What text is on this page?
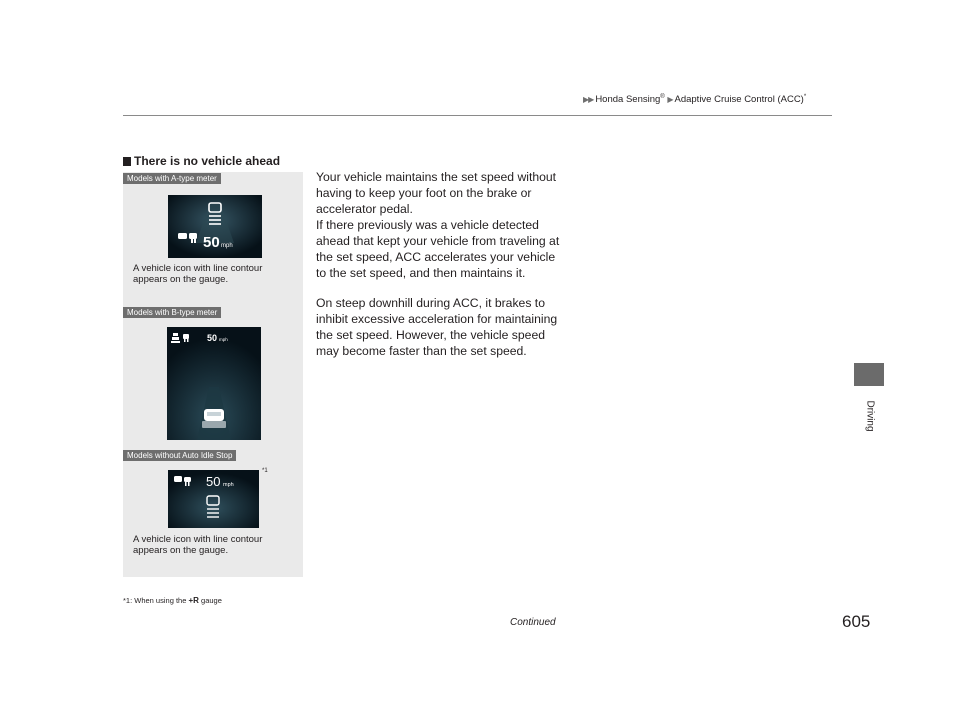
▶▶ Honda Sensing® ▶ Adaptive Cruise Control (ACC)*
Driving
There is no vehicle ahead

Your vehicle maintains the set speed without having to keep your foot on the brake or accelerator pedal.

If there previously was a vehicle detected ahead that kept your vehicle from traveling at the set speed, ACC accelerates your vehicle to the set speed, and then maintains it.

On steep downhill during ACC, it brakes to inhibit excessive acceleration for maintaining the set speed. However, the vehicle speed may become faster than the set speed.

Models with A-type meter
50 mph
A vehicle icon with line contour
appears on the gauge.
Models with B-type meter
50 mph
Models without Auto Idle Stop
50 mph
*1
A vehicle icon with line contour
appears on the gauge.
*1: When using the +R gauge
Continued	605
